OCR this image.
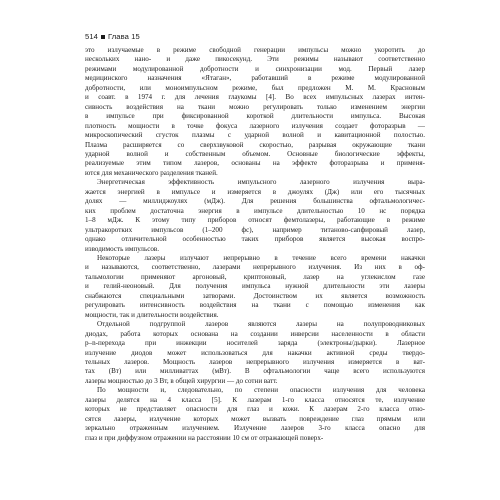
514 Глава 15
это излучаемые в режиме свободной генерации импульсы можно укоротить до
нескольких нано- и даже пикосекунд. Эти режимы называют соответственно
режимами модулированной добротности и синхронизации мод. Первый лазер
медицинского назначения «Ятаган», работавший в режиме модулированной
добротности, или моноимпульсном режиме, был предложен М. М. Красновым
и соавт. в 1974 г. для лечения глаукомы [4]. Во всех импульсных лазерах интен-
сивность воздействия на ткани можно регулировать только изменением энергии
в импульсе при фиксированной короткой длительности импульса. Высокая
плотность мощности в точке фокуса лазерного излучения создает фоторазрыв —
микроскопический сгусток плазмы с ударной волной и кавитационной полостью.
Плазма расширяется со сверхзвуковой скоростью, разрывая окружающие ткани
ударной волной и собственным объемом. Основные биологические эффекты,
реализуемые этим типом лазеров, основаны на эффекте фоторазрыва и применя-
ются для механического разделения тканей.
Энергетическая эффективность импульсного лазерного излучения выра-
жается энергией в импульсе и измеряется в джоулях (Дж) или его тысячных
долях — миллиджоулях (мДж). Для решения большинства офтальмологичес-
ких проблем достаточна энергия в импульсе длительностью 10 нс порядка
1–8 мДж. К этому типу приборов относят фемтолазеры, работающие в режиме
ультракоротких импульсов (1–200 фс), например титаново-сапфировый лазер,
однако отличительной особенностью таких приборов является высокая воспро-
изводимость импульсов.
Некоторые лазеры излучают непрерывно в течение всего времени накачки
и называются, соответственно, лазерами непрерывного излучения. Из них в оф-
тальмологии применяют аргоновый, криптоновый, лазер на углекислом газе
и гелий-неоновый. Для получения импульса нужной длительности эти лазеры
снабжаются специальными затворами. Достоинством их является возможность
регулировать интенсивность воздействия на ткани с помощью изменения как
мощности, так и длительности воздействия.
Отдельной подгруппой лазеров являются лазеры на полупроводниковых
диодах, работа которых основана на создании инверсии населенности в области
p–n-перехода при инжекции носителей заряда (электроны/дырки). Лазерное
излучение диодов может использоваться для накачки активной среды твердо-
тельных лазеров. Мощность лазеров непрерывного излучения измеряется в ват-
тах (Вт) или милливаттах (мВт). В офтальмологии чаще всего используются
лазеры мощностью до 3 Вт, в общей хирургии — до сотни ватт.
По мощности и, следовательно, по степени опасности излучения для человека
лазеры делятся на 4 класса [5]. К лазерам 1-го класса относятся те, излучение
которых не представляет опасности для глаз и кожи. К лазерам 2-го класса отно-
сятся лазеры, излучение которых может вызвать повреждение глаз прямым или
зеркально отраженным излучением. Излучение лазеров 3-го класса опасно для
глаз и при диффузном отражении на расстоянии 10 см от отражающей поверх-
